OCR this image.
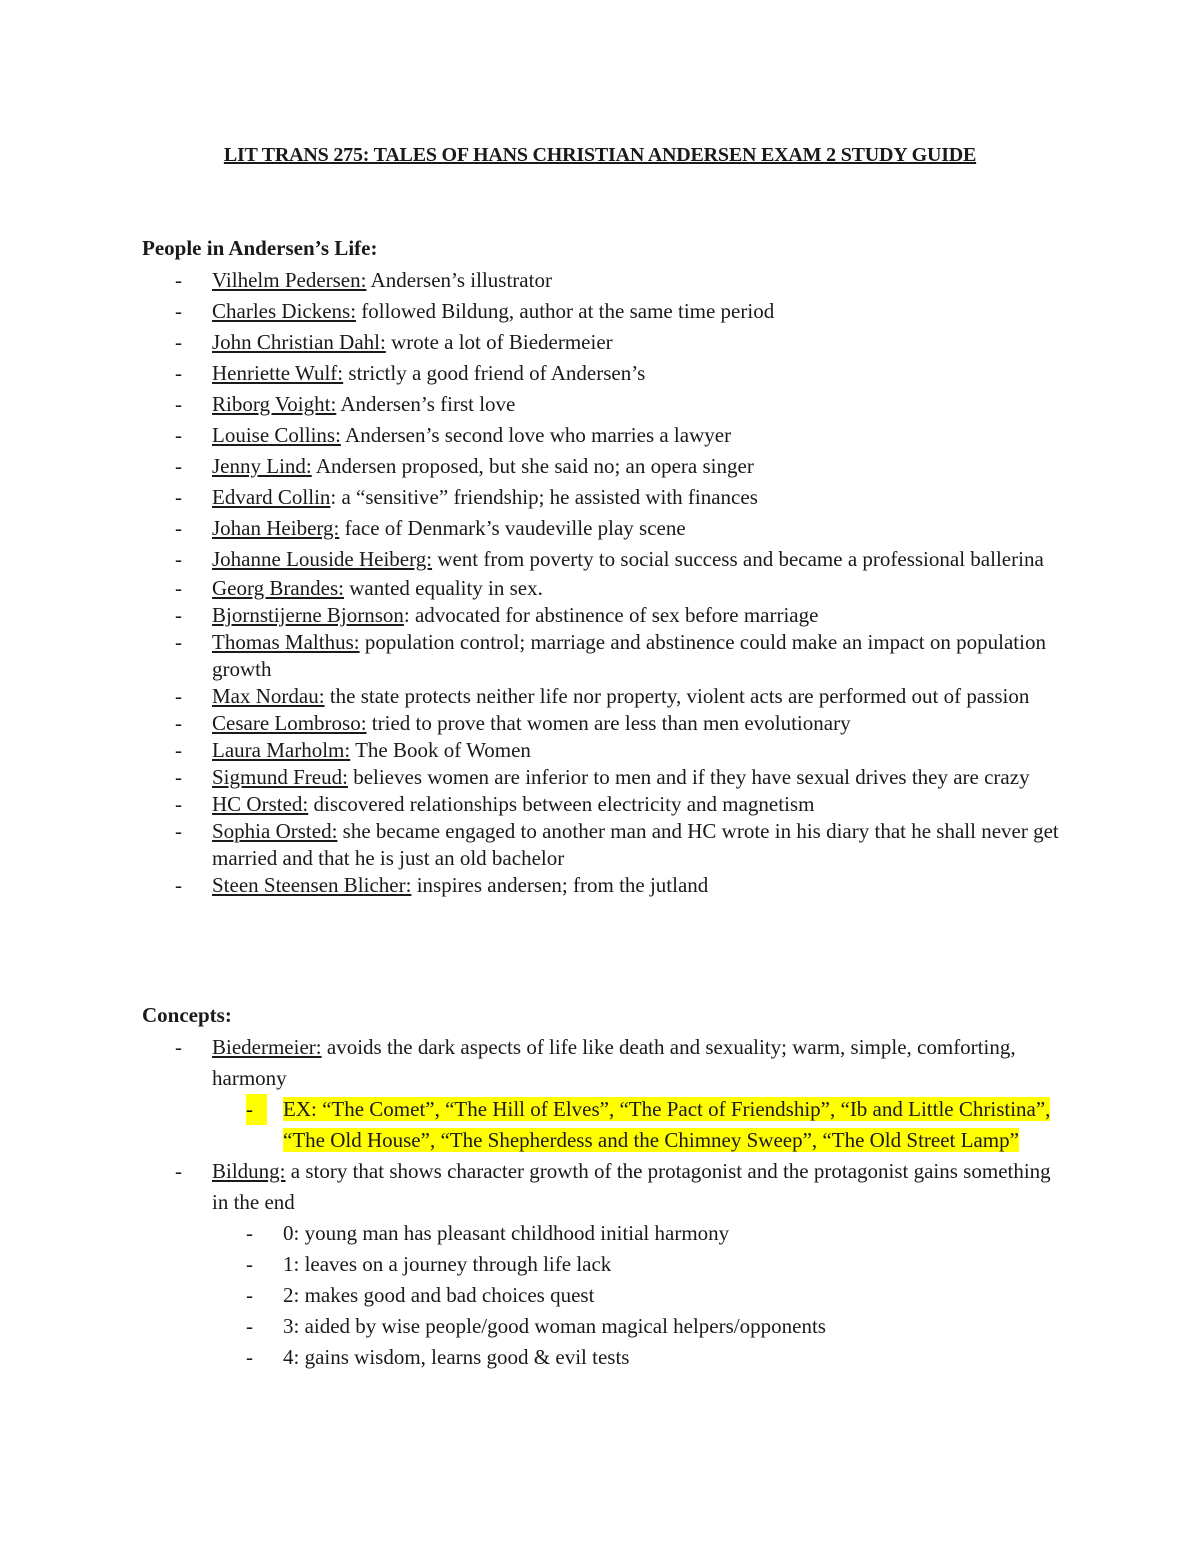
LIT TRANS 275: TALES OF HANS CHRISTIAN ANDERSEN EXAM 2 STUDY GUIDE
People in Andersen’s Life:
- Vilhelm Pedersen: Andersen’s illustrator
- Charles Dickens: followed Bildung, author at the same time period
- John Christian Dahl: wrote a lot of Biedermeier
- Henriette Wulf: strictly a good friend of Andersen’s
- Riborg Voight: Andersen’s first love
- Louise Collins: Andersen’s second love who marries a lawyer
- Jenny Lind: Andersen proposed, but she said no; an opera singer
- Edvard Collin: a “sensitive” friendship; he assisted with finances
- Johan Heiberg: face of Denmark’s vaudeville play scene
- Johanne Louside Heiberg: went from poverty to social success and became a professional ballerina
- Georg Brandes: wanted equality in sex.
- Bjornstijerne Bjornson: advocated for abstinence of sex before marriage
- Thomas Malthus: population control; marriage and abstinence could make an impact on population growth
- Max Nordau: the state protects neither life nor property, violent acts are performed out of passion
- Cesare Lombroso: tried to prove that women are less than men evolutionary
- Laura Marholm: The Book of Women
- Sigmund Freud: believes women are inferior to men and if they have sexual drives they are crazy
- HC Orsted: discovered relationships between electricity and magnetism
- Sophia Orsted: she became engaged to another man and HC wrote in his diary that he shall never get married and that he is just an old bachelor
- Steen Steensen Blicher: inspires andersen; from the jutland
Concepts:
- Biedermeier: avoids the dark aspects of life like death and sexuality; warm, simple, comforting, harmony
-	EX: “The Comet”, “The Hill of Elves”, “The Pact of Friendship”, “Ib and Little Christina”, “The Old House”, “The Shepherdess and the Chimney Sweep”, “The Old Street Lamp”
- Bildung: a story that shows character growth of the protagonist and the protagonist gains something in the end
- 0: young man has pleasant childhood initial harmony
- 1: leaves on a journey through life lack
- 2: makes good and bad choices quest
- 3: aided by wise people/good woman magical helpers/opponents
- 4: gains wisdom, learns good & evil tests
